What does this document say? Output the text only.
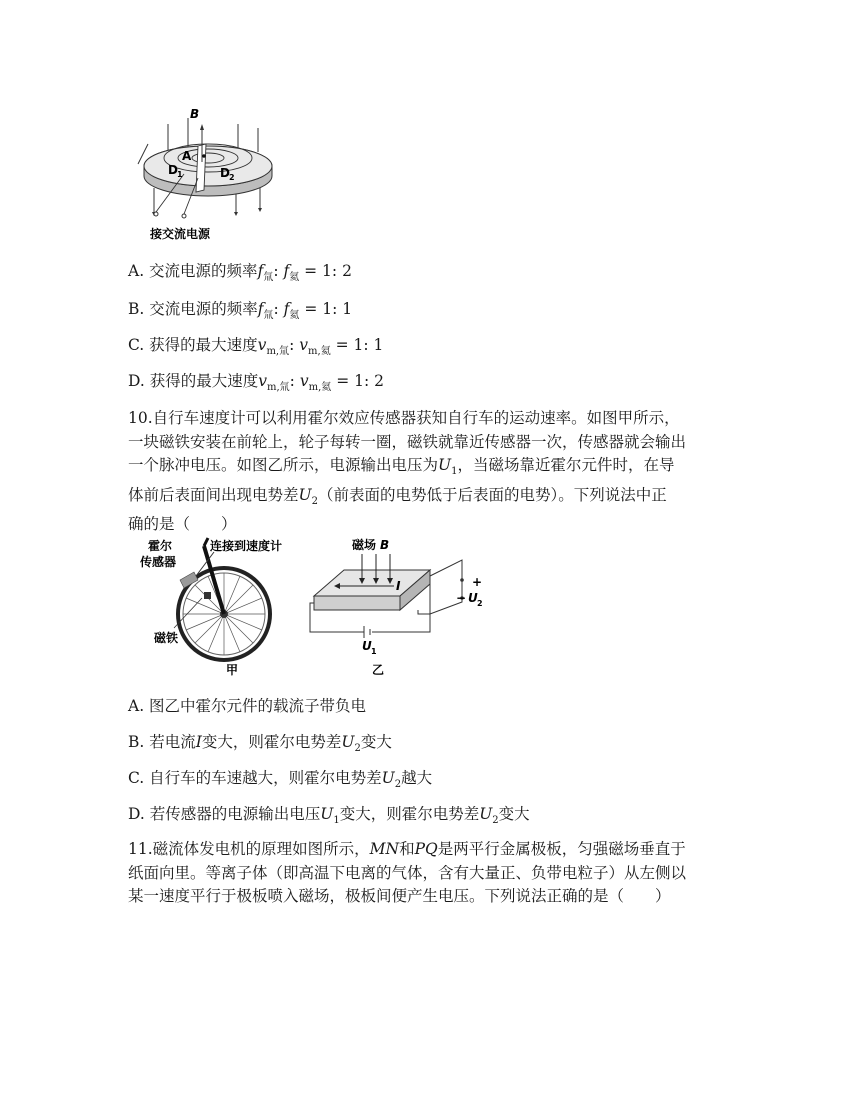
B
A
D 1	D 2
接交流电源
A. 交流电源的频率$f_氚$: $f_氦 = 1$: 2
B. 交流电源的频率$f_氚$: $f_氦 = 1$: 1
C. 获得的最大速度$v_{m,氚}$: $v_{m,氦} = 1$: 1
D. 获得的最大速度$v_{m,氚}$: $v_{m,氦} = 1$: 2
10.自行车速度计可以利用霍尔效应传感器获知自行车的运动速率。如图甲所示，
一块磁铁安装在前轮上，轮子每转一圈，磁铁就靠近传感器一次，传感器就会输出
一个脉冲电压。如图乙所示，电源输出电压为$U_1$，当磁场靠近霍尔元件时，在导
体前后表面间出现电势差$U_2$（前表面的电势低于后表面的电势）。下列说法中正
确的是（　　）
霍尔
传感器
连接到速度计
磁铁
甲
磁场 B
I	+
− U 2
U 1
乙
A. 图乙中霍尔元件的载流子带负电
B. 若电流I变大，则霍尔电势差$U_2$变大
C. 自行车的车速越大，则霍尔电势差$U_2$越大
D. 若传感器的电源输出电压$U_1$变大，则霍尔电势差$U_2$变大
11.磁流体发电机的原理如图所示，MN和PQ是两平行金属极板，匀强磁场垂直于
纸面向里。等离子体（即高温下电离的气体，含有大量正、负带电粒子）从左侧以
某一速度平行于极板喷入磁场，极板间便产生电压。下列说法正确的是（　　）
